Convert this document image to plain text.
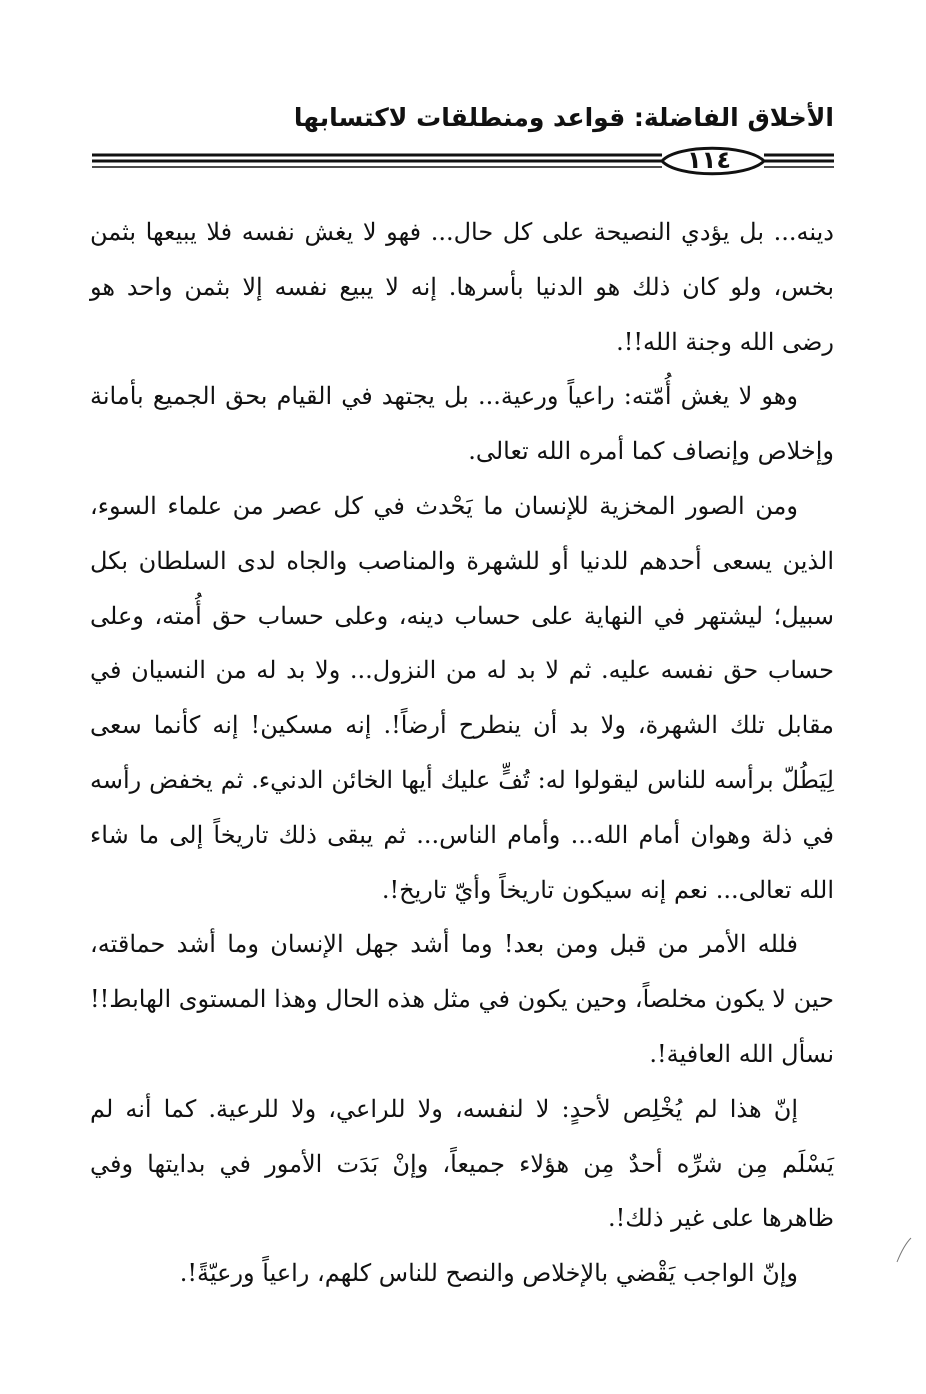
الأخلاق الفاضلة: قواعد ومنطلقات لاكتسابها
١١٤

دينه... بل يؤدي النصيحة على كل حال... فهو لا يغش نفسه فلا يبيعها بثمن بخس، ولو كان ذلك هو الدنيا بأسرها. إنه لا يبيع نفسه إلا بثمن واحد هو رضى الله وجنة الله!!.

وهو لا يغش أُمّته: راعياً ورعية... بل يجتهد في القيام بحق الجميع بأمانة وإخلاص وإنصاف كما أمره الله تعالى.

ومن الصور المخزية للإنسان ما يَحْدث في كل عصر من علماء السوء، الذين يسعى أحدهم للدنيا أو للشهرة والمناصب والجاه لدى السلطان بكل سبيل؛ ليشتهر في النهاية على حساب دينه، وعلى حساب حق أُمته، وعلى حساب حق نفسه عليه. ثم لا بد له من النزول... ولا بد له من النسيان في مقابل تلك الشهرة، ولا بد أن ينطرح أرضاً!. إنه مسكين! إنه كأنما سعى لِيَطُلّ برأسه للناس ليقولوا له: تُفٍّ عليك أيها الخائن الدنيء. ثم يخفض رأسه في ذلة وهوان أمام الله... وأمام الناس... ثم يبقى ذلك تاريخاً إلى ما شاء الله تعالى... نعم إنه سيكون تاريخاً وأيّ تاريخ!.

فلله الأمر من قبل ومن بعد! وما أشد جهل الإنسان وما أشد حماقته، حين لا يكون مخلصاً، وحين يكون في مثل هذه الحال وهذا المستوى الهابط!! نسأل الله العافية!.

إنّ هذا لم يُخْلِص لأحدٍ: لا لنفسه، ولا للراعي، ولا للرعية. كما أنه لم يَسْلَم مِن شرِّه أحدٌ مِن هؤلاء جميعاً، وإنْ بَدَت الأمور في بدايتها وفي ظاهرها على غير ذلك!.

وإنّ الواجب يَقْضي بالإخلاص والنصح للناس كلهم، راعياً ورعيّةً!.
